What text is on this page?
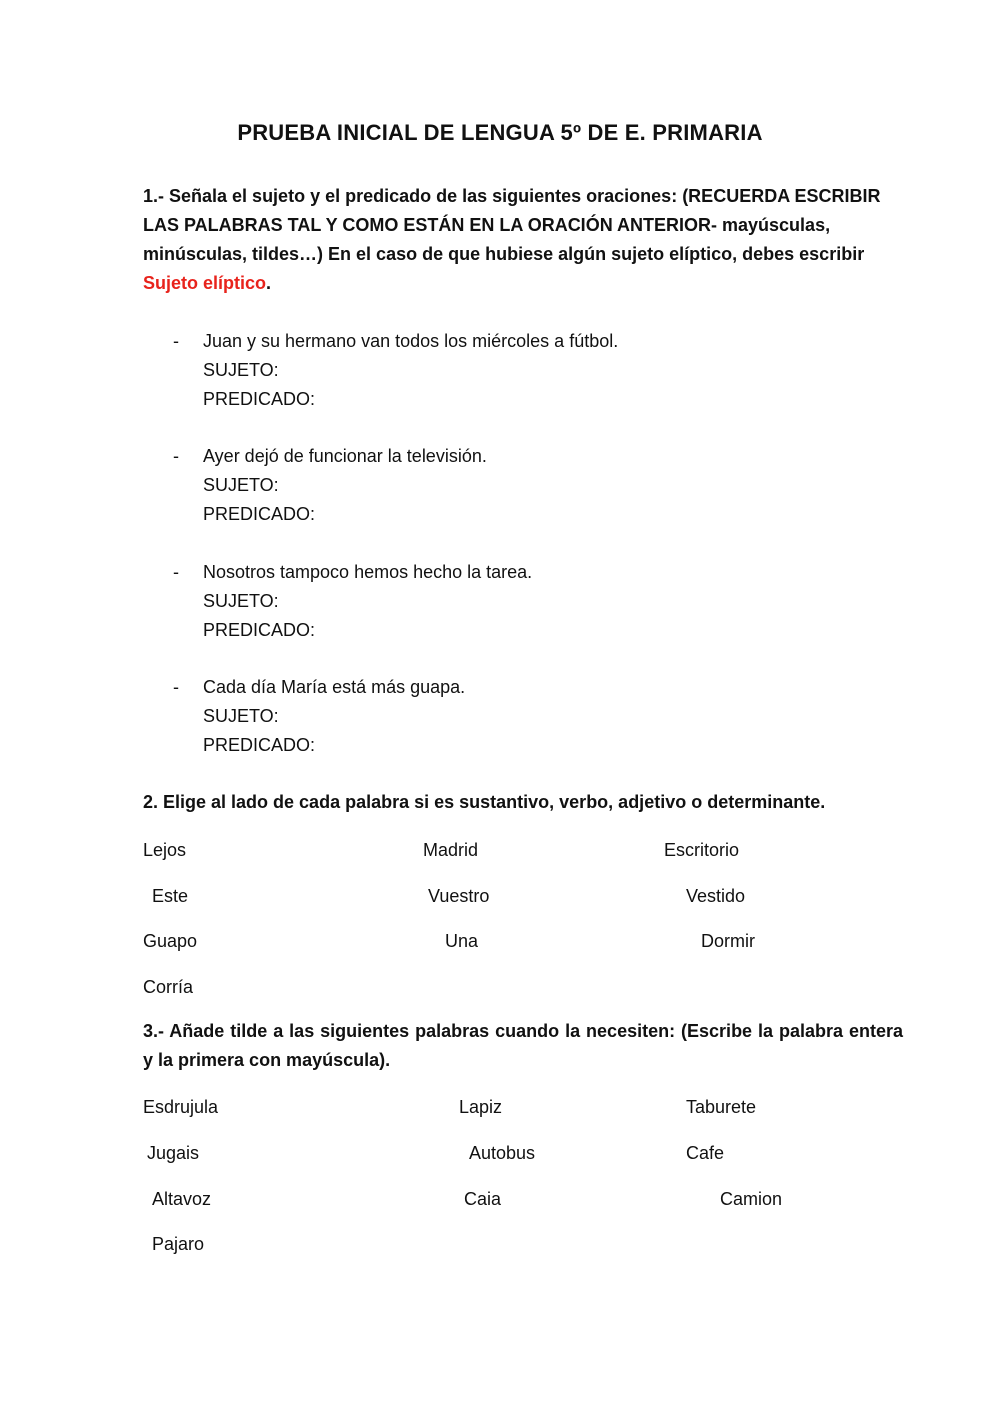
PRUEBA INICIAL DE LENGUA 5º DE E. PRIMARIA
1.- Señala el sujeto y el predicado de las siguientes oraciones: (RECUERDA ESCRIBIR LAS PALABRAS TAL Y COMO ESTÁN EN LA ORACIÓN ANTERIOR- mayúsculas, minúsculas, tildes…) En el caso de que hubiese algún sujeto elíptico, debes escribir Sujeto elíptico.
- Juan y su hermano van todos los miércoles a fútbol.
SUJETO:
PREDICADO:
- Ayer dejó de funcionar la televisión.
SUJETO:
PREDICADO:
- Nosotros tampoco hemos hecho la tarea.
SUJETO:
PREDICADO:
- Cada día María está más guapa.
SUJETO:
PREDICADO:
2. Elige al lado de cada palabra si es sustantivo, verbo, adjetivo o determinante.
Lejos	Madrid	Escritorio
Este	Vuestro	Vestido
Guapo	Una	Dormir
Corría
3.- Añade tilde a las siguientes palabras cuando la necesiten: (Escribe la palabra entera y la primera con mayúscula).
Esdrujula	Lapiz	Taburete
Jugais	Autobus	Cafe
Altavoz	Caia	Camion
Pajaro
